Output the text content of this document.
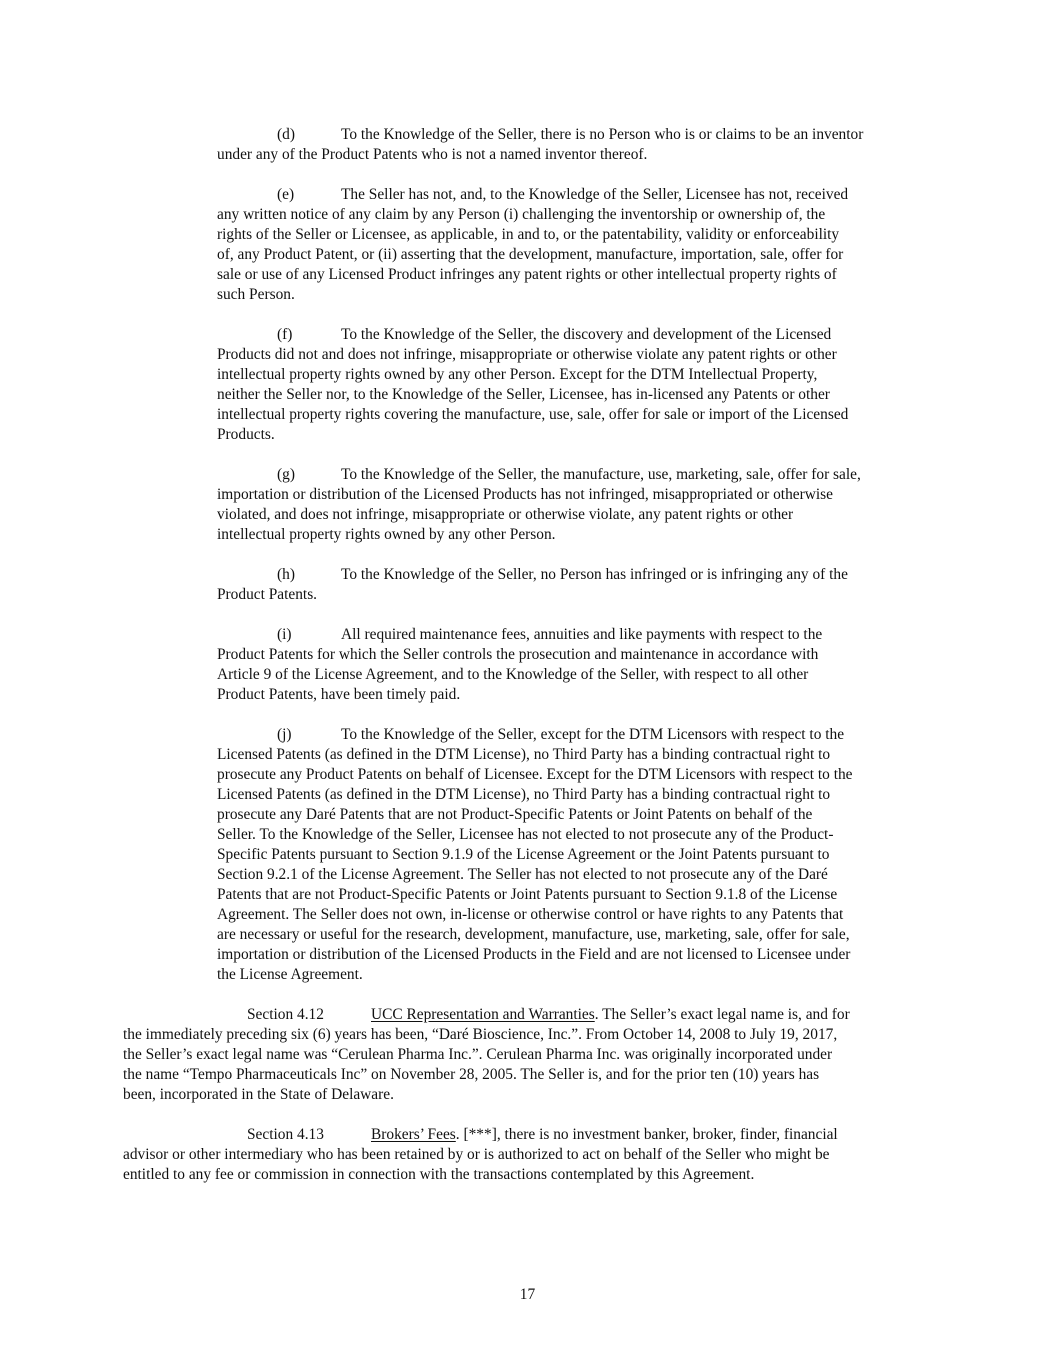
(d)	To the Knowledge of the Seller, there is no Person who is or claims to be an inventor
under any of the Product Patents who is not a named inventor thereof.
(e)	The Seller has not, and, to the Knowledge of the Seller, Licensee has not, received
any written notice of any claim by any Person (i) challenging the inventorship or ownership of, the
rights of the Seller or Licensee, as applicable, in and to, or the patentability, validity or enforceability
of, any Product Patent, or (ii) asserting that the development, manufacture, importation, sale, offer for
sale or use of any Licensed Product infringes any patent rights or other intellectual property rights of
such Person.
(f)	To the Knowledge of the Seller, the discovery and development of the Licensed
Products did not and does not infringe, misappropriate or otherwise violate any patent rights or other
intellectual property rights owned by any other Person. Except for the DTM Intellectual Property,
neither the Seller nor, to the Knowledge of the Seller, Licensee, has in-licensed any Patents or other
intellectual property rights covering the manufacture, use, sale, offer for sale or import of the Licensed
Products.
(g)	To the Knowledge of the Seller, the manufacture, use, marketing, sale, offer for sale,
importation or distribution of the Licensed Products has not infringed, misappropriated or otherwise
violated, and does not infringe, misappropriate or otherwise violate, any patent rights or other
intellectual property rights owned by any other Person.
(h)	To the Knowledge of the Seller, no Person has infringed or is infringing any of the
Product Patents.
(i)	All required maintenance fees, annuities and like payments with respect to the
Product Patents for which the Seller controls the prosecution and maintenance in accordance with
Article 9 of the License Agreement, and to the Knowledge of the Seller, with respect to all other
Product Patents, have been timely paid.
(j)	To the Knowledge of the Seller, except for the DTM Licensors with respect to the
Licensed Patents (as defined in the DTM License), no Third Party has a binding contractual right to
prosecute any Product Patents on behalf of Licensee. Except for the DTM Licensors with respect to the
Licensed Patents (as defined in the DTM License), no Third Party has a binding contractual right to
prosecute any Daré Patents that are not Product-Specific Patents or Joint Patents on behalf of the
Seller. To the Knowledge of the Seller, Licensee has not elected to not prosecute any of the Product-
Specific Patents pursuant to Section 9.1.9 of the License Agreement or the Joint Patents pursuant to
Section 9.2.1 of the License Agreement. The Seller has not elected to not prosecute any of the Daré
Patents that are not Product-Specific Patents or Joint Patents pursuant to Section 9.1.8 of the License
Agreement. The Seller does not own, in-license or otherwise control or have rights to any Patents that
are necessary or useful for the research, development, manufacture, use, marketing, sale, offer for sale,
importation or distribution of the Licensed Products in the Field and are not licensed to Licensee under
the License Agreement.
Section 4.12	UCC Representation and Warranties. The Seller’s exact legal name is, and for
the immediately preceding six (6) years has been, “Daré Bioscience, Inc.”. From October 14, 2008 to July 19, 2017,
the Seller’s exact legal name was “Cerulean Pharma Inc.”. Cerulean Pharma Inc. was originally incorporated under
the name “Tempo Pharmaceuticals Inc” on November 28, 2005. The Seller is, and for the prior ten (10) years has
been, incorporated in the State of Delaware.
Section 4.13	Brokers’ Fees. [***], there is no investment banker, broker, finder, financial
advisor or other intermediary who has been retained by or is authorized to act on behalf of the Seller who might be
entitled to any fee or commission in connection with the transactions contemplated by this Agreement.
17
